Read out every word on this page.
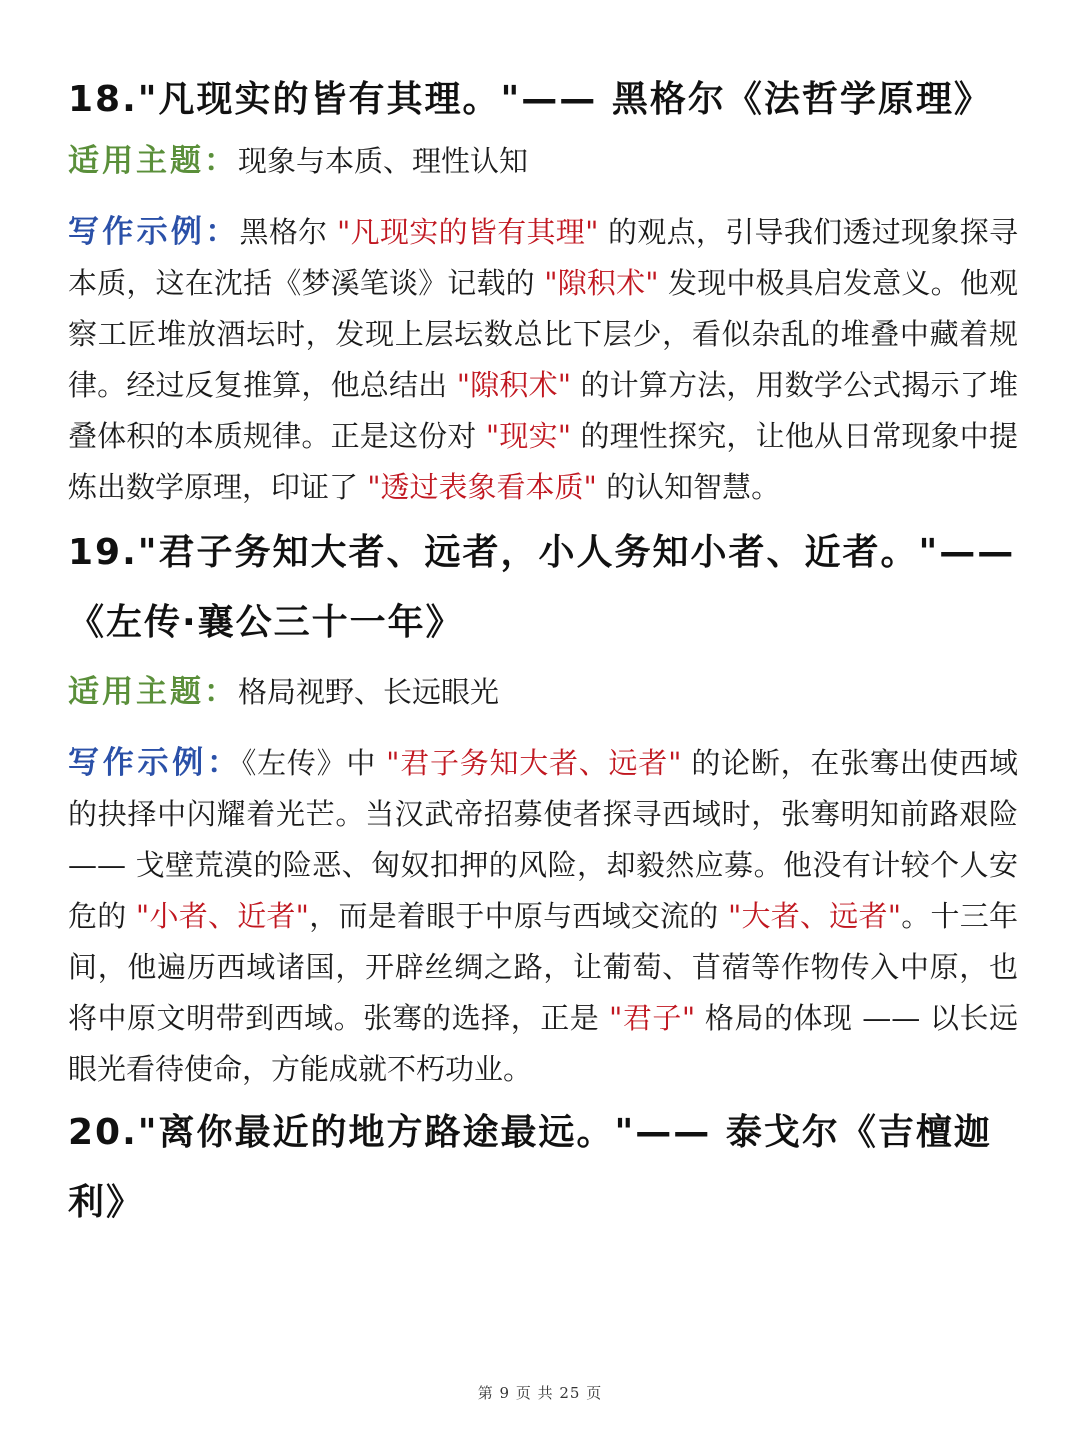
18."凡现实的皆有其理。"—— 黑格尔《法哲学原理》

适用主题：现象与本质、理性认知

写作示例：黑格尔 "凡现实的皆有其理" 的观点，引导我们透过现象探寻本质，这在沈括《梦溪笔谈》记载的 "隙积术" 发现中极具启发意义。他观察工匠堆放酒坛时，发现上层坛数总比下层少，看似杂乱的堆叠中藏着规律。经过反复推算，他总结出 "隙积术" 的计算方法，用数学公式揭示了堆叠体积的本质规律。正是这份对 "现实" 的理性探究，让他从日常现象中提炼出数学原理，印证了 "透过表象看本质" 的认知智慧。

19."君子务知大者、远者，小人务知小者、近者。"——
《左传·襄公三十一年》

适用主题：格局视野、长远眼光

写作示例：《左传》中 "君子务知大者、远者" 的论断，在张骞出使西域的抉择中闪耀着光芒。当汉武帝招募使者探寻西域时，张骞明知前路艰险 —— 戈壁荒漠的险恶、匈奴扣押的风险，却毅然应募。他没有计较个人安危的 "小者、近者"，而是着眼于中原与西域交流的 "大者、远者"。十三年间，他遍历西域诸国，开辟丝绸之路，让葡萄、苜蓿等作物传入中原，也将中原文明带到西域。张骞的选择，正是 "君子" 格局的体现 —— 以长远眼光看待使命，方能成就不朽功业。

20."离你最近的地方路途最远。"—— 泰戈尔《吉檀迦
利》
第 9 页 共 25 页
